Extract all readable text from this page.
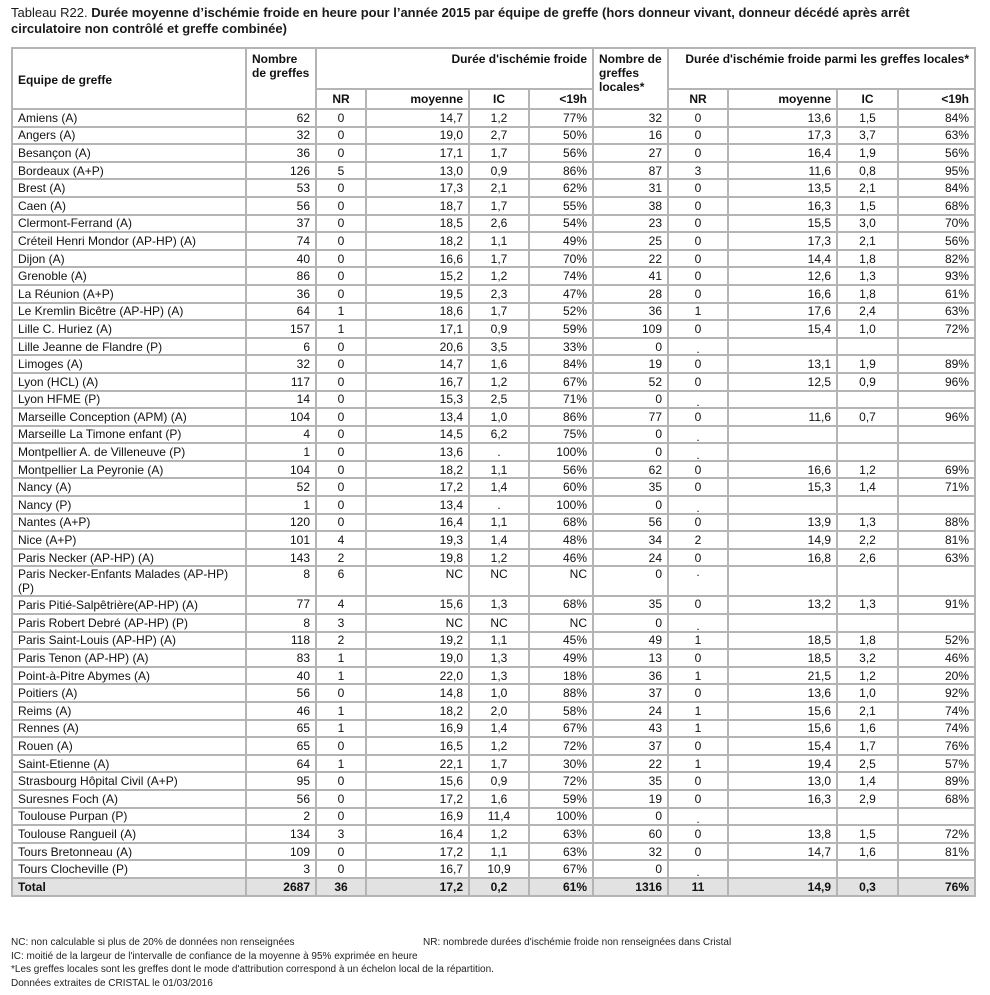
Tableau R22. Durée moyenne d’ischémie froide en heure pour l’année 2015 par équipe de greffe (hors donneur vivant, donneur décédé après arrêt circulatoire non contrôlé et greffe combinée)
Equipe de greffe	Nombre de greffes	Durée d'ischémie froide				Nombre de greffes locales*	Durée d'ischémie froide parmi les greffes locales*			
		NR	moyenne	IC	<19h		NR	moyenne	IC	<19h
Amiens (A)	62	0	14,7	1,2	77%	32	0	13,6	1,5	84%
Angers (A)	32	0	19,0	2,7	50%	16	0	17,3	3,7	63%
Besançon (A)	36	0	17,1	1,7	56%	27	0	16,4	1,9	56%
Bordeaux (A+P)	126	5	13,0	0,9	86%	87	3	11,6	0,8	95%
Brest (A)	53	0	17,3	2,1	62%	31	0	13,5	2,1	84%
Caen (A)	56	0	18,7	1,7	55%	38	0	16,3	1,5	68%
Clermont-Ferrand (A)	37	0	18,5	2,6	54%	23	0	15,5	3,0	70%
Créteil Henri Mondor (AP-HP) (A)	74	0	18,2	1,1	49%	25	0	17,3	2,1	56%
Dijon (A)	40	0	16,6	1,7	70%	22	0	14,4	1,8	82%
Grenoble (A)	86	0	15,2	1,2	74%	41	0	12,6	1,3	93%
La Réunion (A+P)	36	0	19,5	2,3	47%	28	0	16,6	1,8	61%
Le Kremlin Bicêtre (AP-HP) (A)	64	1	18,6	1,7	52%	36	1	17,6	2,4	63%
Lille C. Huriez (A)	157	1	17,1	0,9	59%	109	0	15,4	1,0	72%
Lille Jeanne de Flandre (P)	6	0	20,6	3,5	33%	0	.			
Limoges (A)	32	0	14,7	1,6	84%	19	0	13,1	1,9	89%
Lyon (HCL) (A)	117	0	16,7	1,2	67%	52	0	12,5	0,9	96%
Lyon HFME (P)	14	0	15,3	2,5	71%	0	.			
Marseille Conception (APM) (A)	104	0	13,4	1,0	86%	77	0	11,6	0,7	96%
Marseille La Timone enfant (P)	4	0	14,5	6,2	75%	0	.			
Montpellier A. de Villeneuve (P)	1	0	13,6	.	100%	0	.			
Montpellier La Peyronie (A)	104	0	18,2	1,1	56%	62	0	16,6	1,2	69%
Nancy (A)	52	0	17,2	1,4	60%	35	0	15,3	1,4	71%
Nancy (P)	1	0	13,4	.	100%	0	.			
Nantes (A+P)	120	0	16,4	1,1	68%	56	0	13,9	1,3	88%
Nice (A+P)	101	4	19,3	1,4	48%	34	2	14,9	2,2	81%
Paris Necker (AP-HP) (A)	143	2	19,8	1,2	46%	24	0	16,8	2,6	63%
Paris Necker-Enfants Malades (AP-HP) (P)	8	6	NC	NC	NC	0	.			
Paris Pitié-Salpêtrière(AP-HP) (A)	77	4	15,6	1,3	68%	35	0	13,2	1,3	91%
Paris Robert Debré (AP-HP) (P)	8	3	NC	NC	NC	0	.			
Paris Saint-Louis (AP-HP) (A)	118	2	19,2	1,1	45%	49	1	18,5	1,8	52%
Paris Tenon (AP-HP) (A)	83	1	19,0	1,3	49%	13	0	18,5	3,2	46%
Point-à-Pitre Abymes (A)	40	1	22,0	1,3	18%	36	1	21,5	1,2	20%
Poitiers (A)	56	0	14,8	1,0	88%	37	0	13,6	1,0	92%
Reims (A)	46	1	18,2	2,0	58%	24	1	15,6	2,1	74%
Rennes (A)	65	1	16,9	1,4	67%	43	1	15,6	1,6	74%
Rouen (A)	65	0	16,5	1,2	72%	37	0	15,4	1,7	76%
Saint-Etienne (A)	64	1	22,1	1,7	30%	22	1	19,4	2,5	57%
Strasbourg Hôpital Civil (A+P)	95	0	15,6	0,9	72%	35	0	13,0	1,4	89%
Suresnes Foch (A)	56	0	17,2	1,6	59%	19	0	16,3	2,9	68%
Toulouse Purpan (P)	2	0	16,9	11,4	100%	0	.			
Toulouse Rangueil (A)	134	3	16,4	1,2	63%	60	0	13,8	1,5	72%
Tours Bretonneau (A)	109	0	17,2	1,1	63%	32	0	14,7	1,6	81%
Tours Clocheville (P)	3	0	16,7	10,9	67%	0	.			
Total	2687	36	17,2	0,2	61%	1316	11	14,9	0,3	76%
NC: non calculable si plus de 20% de données non renseignées	NR: nombrede durées d'ischémie froide non renseignées dans Cristal
IC: moitié de la largeur de l'intervalle de confiance de la moyenne à 95% exprimée en heure
*Les greffes locales sont les greffes dont le mode d'attribution correspond à un échelon local de la répartition.
Données extraites de CRISTAL le 01/03/2016
